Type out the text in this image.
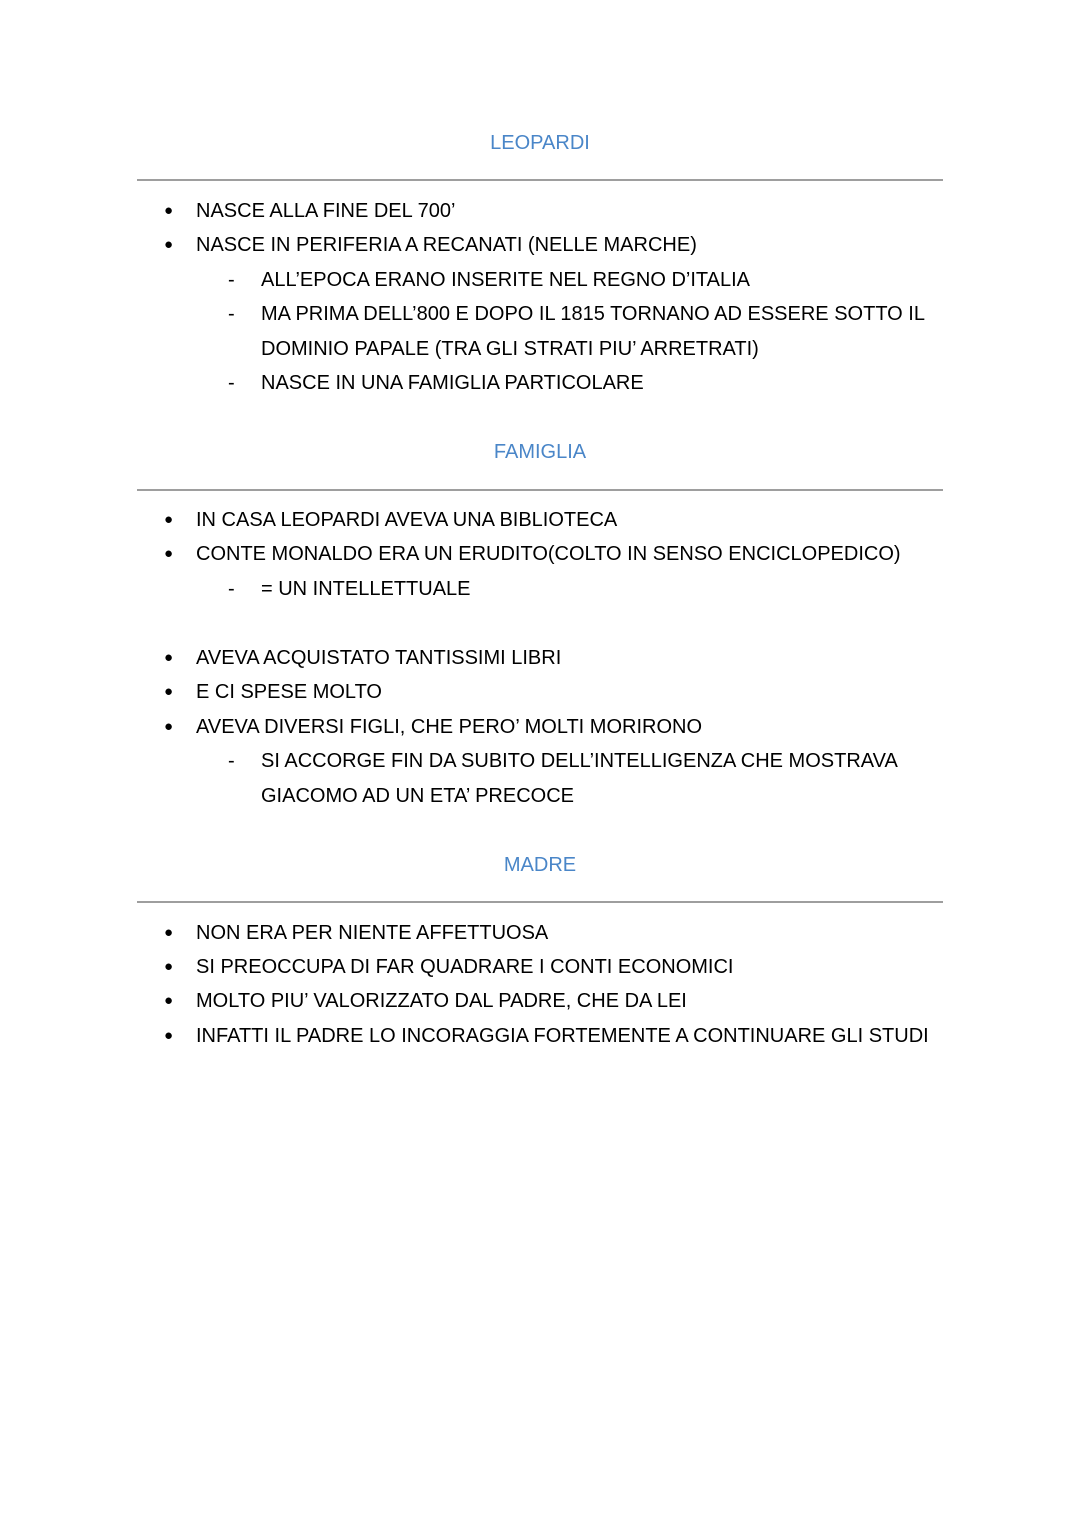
LEOPARDI
● NASCE ALLA FINE DEL 700’
● NASCE IN PERIFERIA A RECANATI (NELLE MARCHE)
- ALL’EPOCA ERANO INSERITE NEL REGNO D’ITALIA
- MA PRIMA DELL’800 E DOPO IL 1815 TORNANO AD ESSERE SOTTO IL
DOMINIO PAPALE (TRA GLI STRATI PIU’ ARRETRATI)
- NASCE IN UNA FAMIGLIA PARTICOLARE
FAMIGLIA
● IN CASA LEOPARDI AVEVA UNA BIBLIOTECA
● CONTE MONALDO ERA UN ERUDITO(COLTO IN SENSO ENCICLOPEDICO)
- = UN INTELLETTUALE
● AVEVA ACQUISTATO TANTISSIMI LIBRI
● E CI SPESE MOLTO
● AVEVA DIVERSI FIGLI, CHE PERO’ MOLTI MORIRONO
- SI ACCORGE FIN DA SUBITO DELL’INTELLIGENZA CHE MOSTRAVA
GIACOMO AD UN ETA’ PRECOCE
MADRE
● NON ERA PER NIENTE AFFETTUOSA
● SI PREOCCUPA DI FAR QUADRARE I CONTI ECONOMICI
● MOLTO PIU’ VALORIZZATO DAL PADRE, CHE DA LEI
● INFATTI IL PADRE LO INCORAGGIA FORTEMENTE A CONTINUARE GLI STUDI
